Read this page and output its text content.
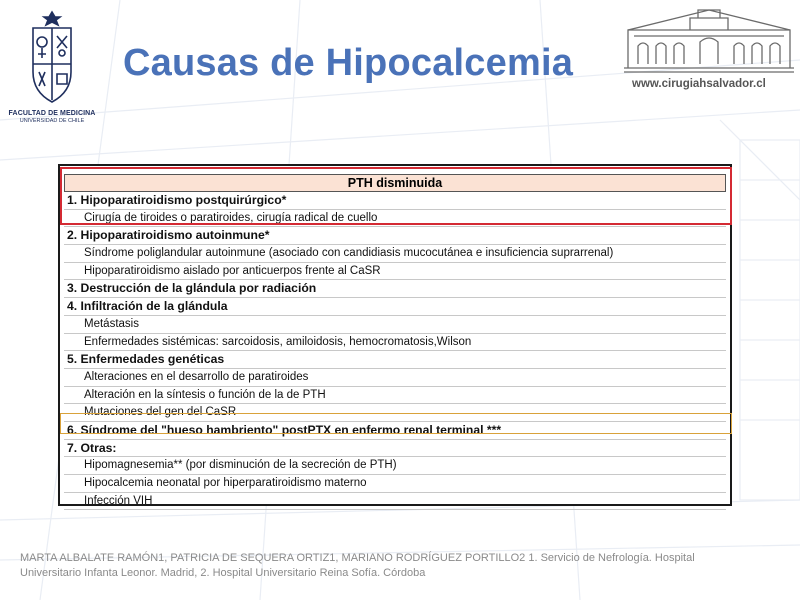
FACULTAD DE MEDICINA
UNIVERSIDAD DE CHILE
Causas de Hipocalcemia	www.cirugiahsalvador.cl
PTH disminuida
1. Hipoparatiroidismo postquirúrgico*
Cirugía de tiroides o paratiroides, cirugía radical de cuello
2. Hipoparatiroidismo autoinmune*
Síndrome poliglandular autoinmune (asociado con candidiasis mucocutánea e insuficiencia suprarrenal)
Hipoparatiroidismo aislado por anticuerpos frente al CaSR
3. Destrucción de la glándula por radiación
4. Infiltración de la glándula
Metástasis
Enfermedades sistémicas: sarcoidosis, amiloidosis, hemocromatosis,Wilson
5. Enfermedades genéticas
Alteraciones en el desarrollo de paratiroides
Alteración en la síntesis o función de la de PTH
Mutaciones del gen del CaSR
6. Síndrome del "hueso hambriento" postPTX en enfermo renal terminal ***
7. Otras:
Hipomagnesemia** (por disminución de la secreción de PTH)
Hipocalcemia neonatal por hiperparatiroidismo materno
Infección VIH
MARTA ALBALATE RAMÓN1, PATRICIA DE SEQUERA ORTIZ1, MARIANO RODRÍGUEZ PORTILLO2 1. Servicio de Nefrología. Hospital
Universitario Infanta Leonor. Madrid, 2. Hospital Universitario Reina Sofía. Córdoba
